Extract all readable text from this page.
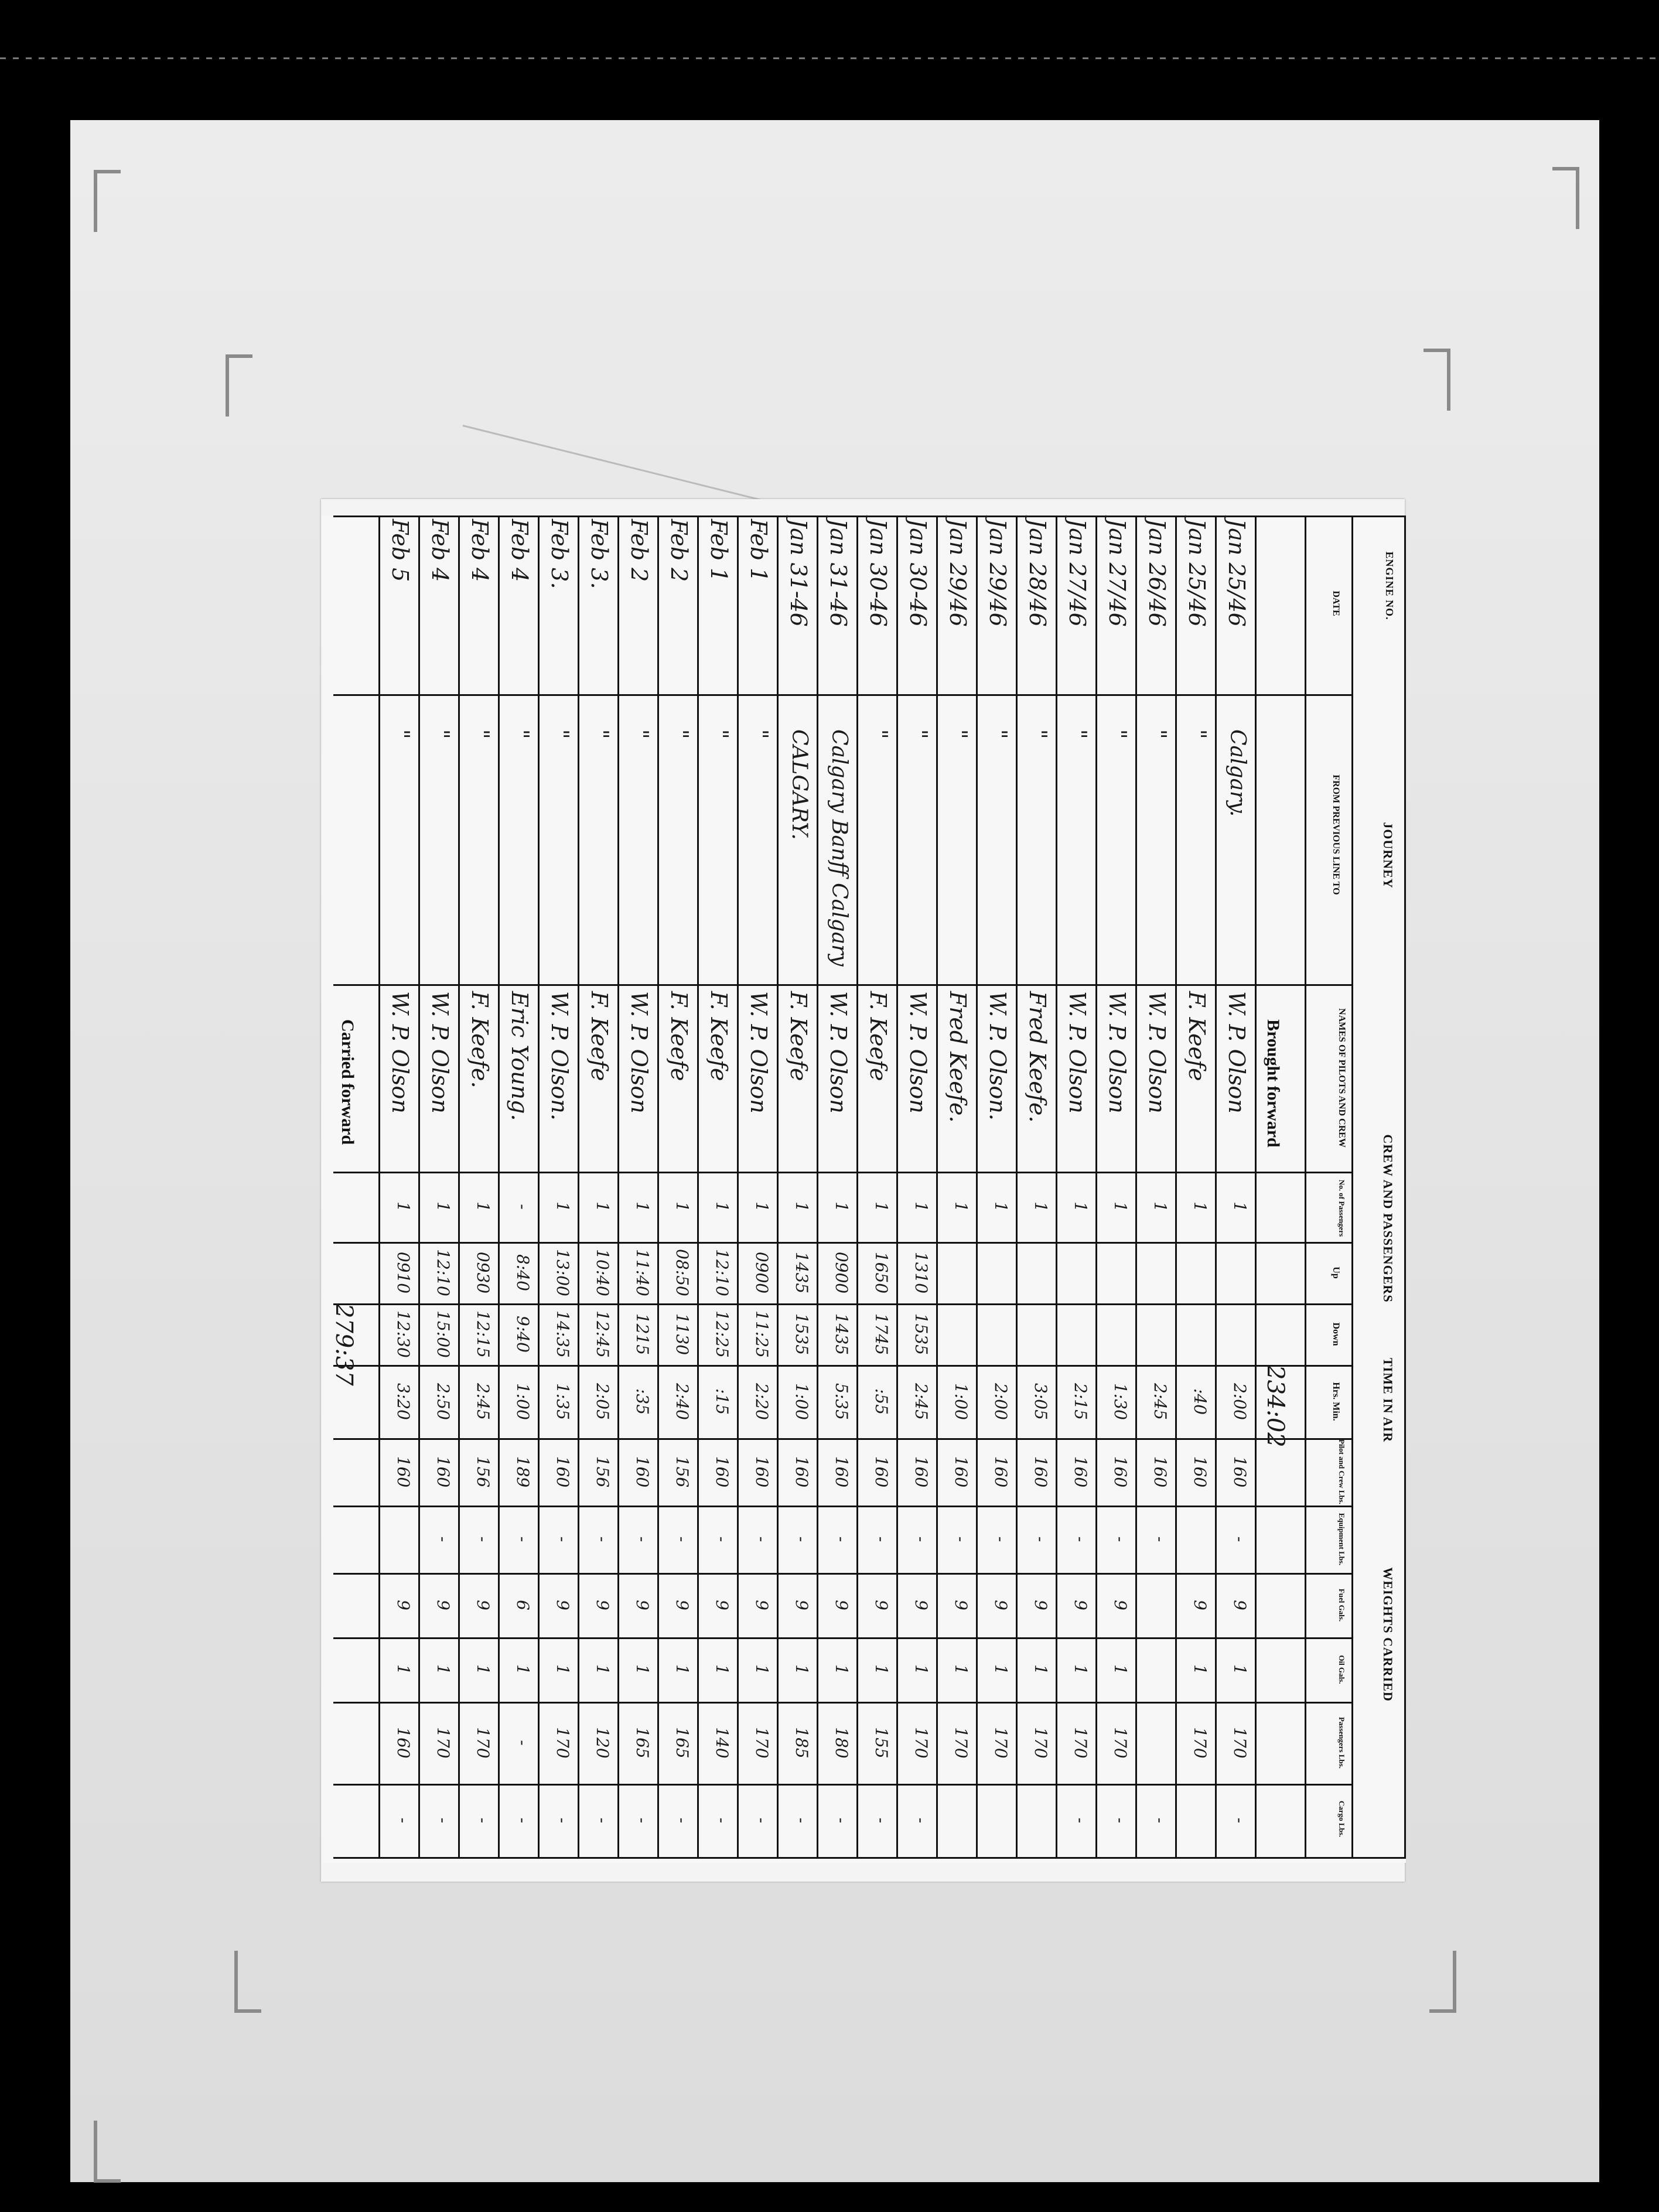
ENGINE NO.
JOURNEY
CREW AND PASSENGERS
TIME IN AIR
WEIGHTS CARRIED
DATE
FROM PREVIOUS LINE TO
NAMES OF PILOTS AND CREW
No. of Passengers
Up
Down
Hrs. Min.
Pilot and Crew Lbs.
Equipment Lbs.
Fuel Gals.
Oil Gals.
Passengers Lbs.
Cargo Lbs.
Brought forward
234:02
Carried forward
279:37
Jan 25/46
Calgary.
W. P. Olson
1
2:00
160
-
9
1
170
-
Jan 25/46
"
F. Keefe
1
:40
160
9
1
170
Jan 26/46
"
W. P. Olson
1
2:45
160
-
-
Jan 27/46
"
W. P. Olson
1
1:30
160
-
9
1
170
-
Jan 27/46
"
W. P. Olson
1
2:15
160
-
9
1
170
-
Jan 28/46
"
Fred Keefe.
1
3:05
160
-
9
1
170
Jan 29/46
"
W. P. Olson.
1
2:00
160
-
9
1
170
Jan 29/46
"
Fred Keefe.
1
1:00
160
-
9
1
170
Jan 30-46
"
W. P. Olson
1
1310
1535
2:45
160
-
9
1
170
-
Jan 30-46
"
F. Keefe
1
1650
1745
:55
160
-
9
1
155
-
Jan 31-46
Calgary Banff Calgary
W. P. Olson
1
0900
1435
5:35
160
-
9
1
180
-
Jan 31-46
CALGARY.
F. Keefe
1
1435
1535
1:00
160
-
9
1
185
-
Feb 1
"
W. P. Olson
1
0900
11:25
2:20
160
-
9
1
170
-
Feb 1
"
F. Keefe
1
12:10
12:25
:15
160
-
9
1
140
-
Feb 2
"
F. Keefe
1
08:50
1130
2:40
156
-
9
1
165
-
Feb 2
"
W. P. Olson
1
11:40
1215
:35
160
-
9
1
165
-
Feb 3.
"
F. Keefe
1
10:40
12:45
2:05
156
-
9
1
120
-
Feb 3.
"
W. P. Olson.
1
13:00
14:35
1:35
160
-
9
1
170
-
Feb 4
"
Eric Young.
-
8:40
9:40
1:00
189
-
6
1
-
-
Feb 4
"
F. Keefe.
1
0930
12:15
2:45
156
-
9
1
170
-
Feb 4
"
W. P. Olson
1
12:10
15:00
2:50
160
-
9
1
170
-
Feb 5
"
W. P. Olson
1
0910
12:30
3:20
160
9
1
160
-
